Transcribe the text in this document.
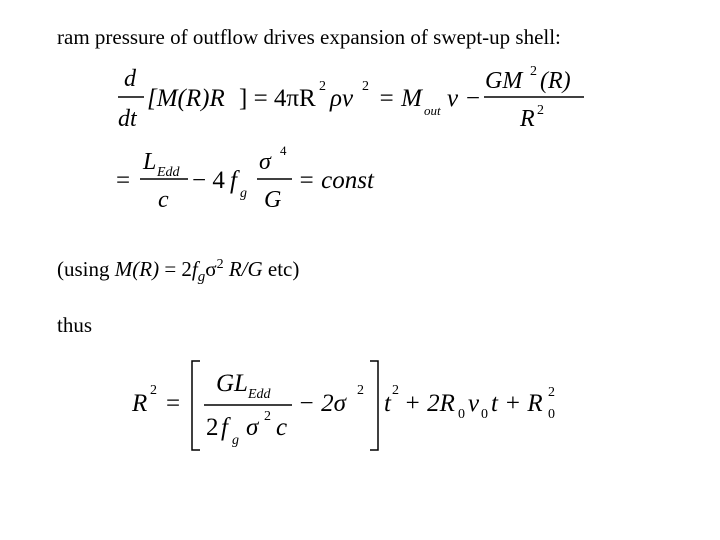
ram pressure of outflow drives expansion of swept-up shell:
d
dt
[M(R)R ] = 4πR 2 ρv 2 = M out v −
GM 2 (R)
R 2
=
L Edd
c
− 4 f g
σ 4
G
= const
(using $M(R) = 2f_g\sigma^2$ R/G etc)
thus
R 2 =
GL Edd
2 f g σ 2 c
− 2σ 2 t 2 + 2R 0 v 0 t + R 0
2
